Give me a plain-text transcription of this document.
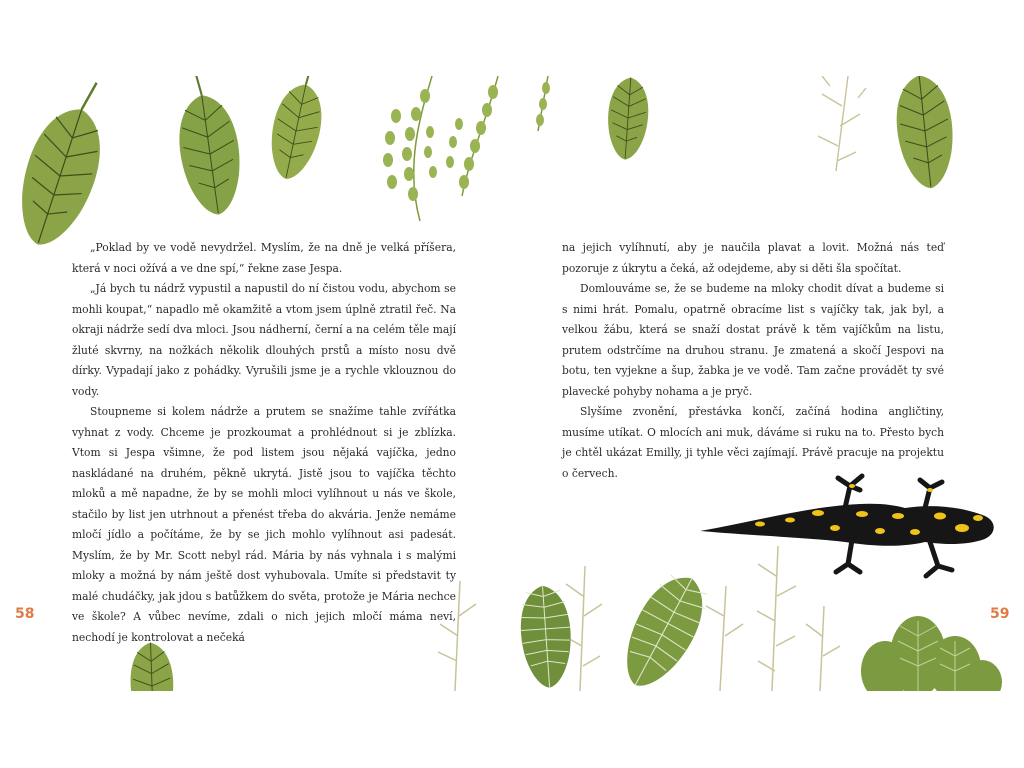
„Poklad by ve vodě nevydržel. Myslím, že na dně je velká příšera, která v noci ožívá a ve dne spí,“ řekne zase Jespa.

„Já bych tu nádrž vypustil a napustil do ní čistou vodu, abychom se mohli koupat,“ napadlo mě okamžitě a vtom jsem úplně ztratil řeč. Na okraji nádrže sedí dva mloci. Jsou nádherní, černí a na celém těle mají žluté skvrny, na nožkách několik dlouhých prstů a místo nosu dvě dírky. Vypadají jako z pohádky. Vyrušili jsme je a rychle vklouznou do vody.

Stoupneme si kolem nádrže a prutem se snažíme tahle zvířátka vyhnat z vody. Chceme je prozkoumat a prohlédnout si je zblízka. Vtom si Jespa všimne, že pod listem jsou nějaká vajíčka, jedno naskládané na druhém, pěkně ukrytá. Jistě jsou to vajíčka těchto mloků a mě napadne, že by se mohli mloci vylíhnout u nás ve škole, stačilo by list jen utrhnout a přenést třeba do akvária. Jenže nemáme mločí jídlo a počítáme, že by se jich mohlo vylíhnout asi padesát. Myslím, že by Mr. Scott nebyl rád. Mária by nás vyhnala i s malými mloky a možná by nám ještě dost vyhubovala. Umíte si představit ty malé chudáčky, jak jdou s batůžkem do světa, protože je Mária nechce ve škole? A vůbec nevíme, zdali o nich jejich mločí máma neví, nechodí je kontrolovat a nečeká

na jejich vylíhnutí, aby je naučila plavat a lovit. Možná nás teď pozoruje z úkrytu a čeká, až odejdeme, aby si děti šla spočítat.

Domlouváme se, že se budeme na mloky chodit dívat a budeme si s nimi hrát. Pomalu, opatrně obracíme list s vajíčky tak, jak byl, a velkou žábu, která se snaží dostat právě k těm vajíčkům na listu, prutem odstrčíme na druhou stranu. Je zmatená a skočí Jespovi na botu, ten vyjekne a šup, žabka je ve vodě. Tam začne provádět ty své plavecké pohyby nohama a je pryč.

Slyšíme zvonění, přestávka končí, začíná hodina angličtiny, musíme utíkat. O mlocích ani muk, dáváme si ruku na to. Přesto bych je chtěl ukázat Emilly, ji tyhle věci zajímají. Právě pracuje na projektu o červech.

58	59
